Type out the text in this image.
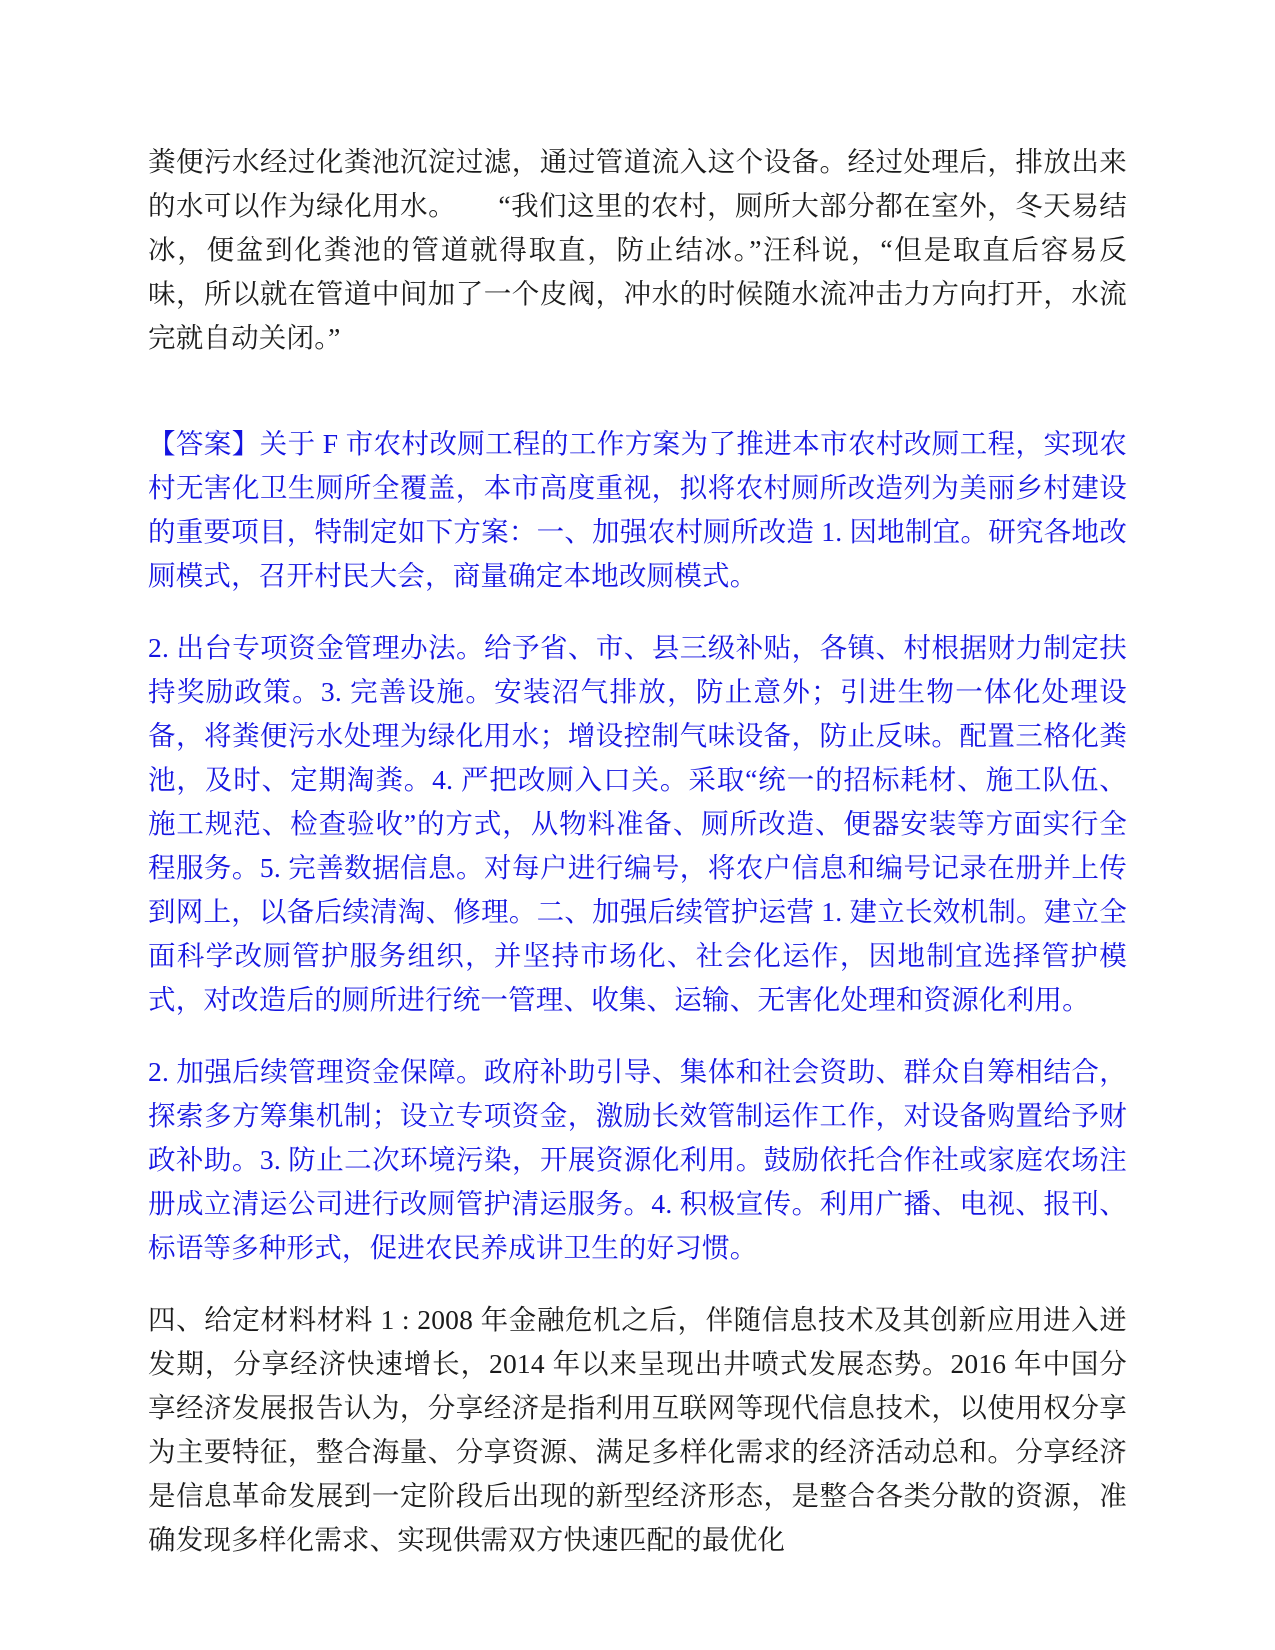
粪便污水经过化粪池沉淀过滤，通过管道流入这个设备。经过处理后，排放出来的水可以作为绿化用水。　　“我们这里的农村，厕所大部分都在室外，冬天易结冰，便盆到化粪池的管道就得取直，防止结冰。”汪科说，“但是取直后容易反味，所以就在管道中间加了一个皮阀，冲水的时候随水流冲击力方向打开，水流完就自动关闭。”

【答案】关于 F 市农村改厕工程的工作方案为了推进本市农村改厕工程，实现农村无害化卫生厕所全覆盖，本市高度重视，拟将农村厕所改造列为美丽乡村建设的重要项目，特制定如下方案：一、加强农村厕所改造 1. 因地制宜。研究各地改厕模式，召开村民大会，商量确定本地改厕模式。

2. 出台专项资金管理办法。给予省、市、县三级补贴，各镇、村根据财力制定扶持奖励政策。3. 完善设施。安装沼气排放，防止意外；引进生物一体化处理设备，将粪便污水处理为绿化用水；增设控制气味设备，防止反味。配置三格化粪池，及时、定期淘粪。4. 严把改厕入口关。采取“统一的招标耗材、施工队伍、施工规范、检查验收”的方式，从物料准备、厕所改造、便器安装等方面实行全程服务。5. 完善数据信息。对每户进行编号，将农户信息和编号记录在册并上传到网上，以备后续清淘、修理。二、加强后续管护运营 1. 建立长效机制。建立全面科学改厕管护服务组织，并坚持市场化、社会化运作，因地制宜选择管护模式，对改造后的厕所进行统一管理、收集、运输、无害化处理和资源化利用。

2. 加强后续管理资金保障。政府补助引导、集体和社会资助、群众自筹相结合，探索多方筹集机制；设立专项资金，激励长效管制运作工作，对设备购置给予财政补助。3. 防止二次环境污染，开展资源化利用。鼓励依托合作社或家庭农场注册成立清运公司进行改厕管护清运服务。4. 积极宣传。利用广播、电视、报刊、标语等多种形式，促进农民养成讲卫生的好习惯。

四、给定材料材料 1 : 2008 年金融危机之后，伴随信息技术及其创新应用进入迸发期，分享经济快速增长，2014 年以来呈现出井喷式发展态势。2016 年中国分享经济发展报告认为，分享经济是指利用互联网等现代信息技术，以使用权分享为主要特征，整合海量、分享资源、满足多样化需求的经济活动总和。分享经济是信息革命发展到一定阶段后出现的新型经济形态，是整合各类分散的资源，准确发现多样化需求、实现供需双方快速匹配的最优化
